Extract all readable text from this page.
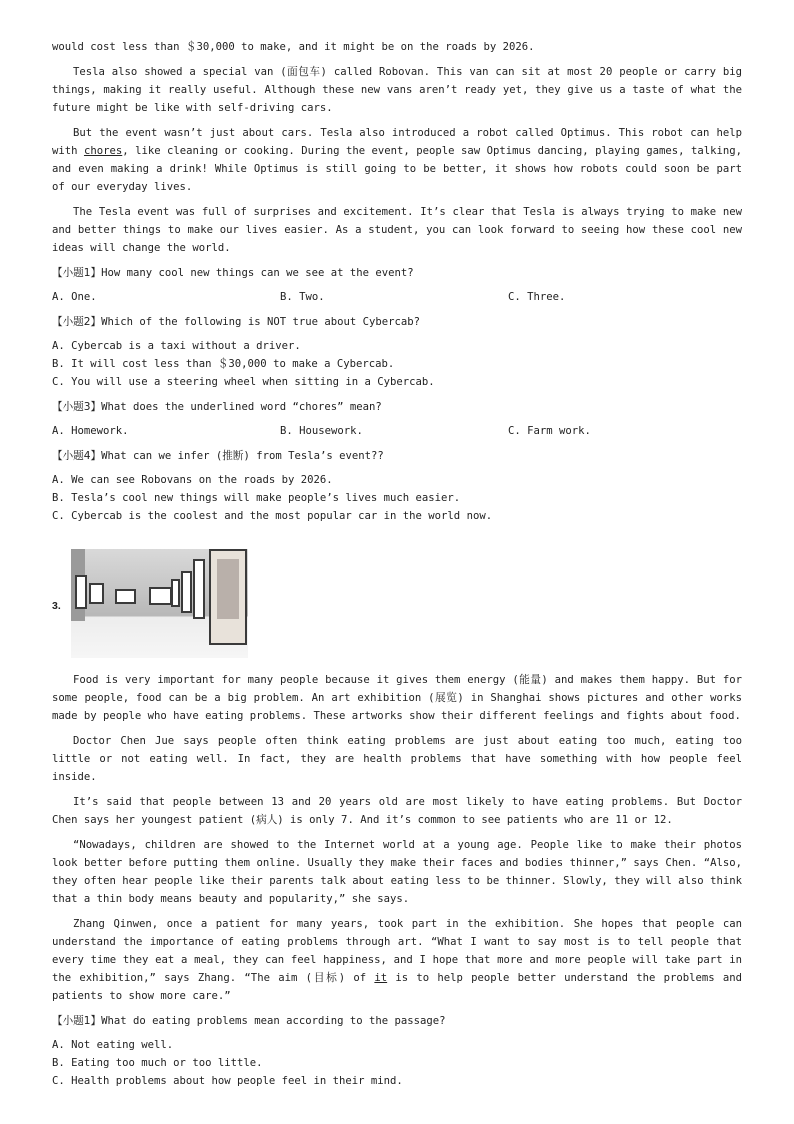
would cost less than ＄30,000 to make, and it might be on the roads by 2026.

Tesla also showed a special van (面包车) called Robovan. This van can sit at most 20 people or carry big things, making it really useful. Although these new vans aren’t ready yet, they give us a taste of what the future might be like with self-driving cars.

But the event wasn’t just about cars. Tesla also introduced a robot called Optimus. This robot can help with chores, like cleaning or cooking. During the event, people saw Optimus dancing, playing games, talking, and even making a drink! While Optimus is still going to be better, it shows how robots could soon be part of our everyday lives.

The Tesla event was full of surprises and excitement. It’s clear that Tesla is always trying to make new and better things to make our lives easier. As a student, you can look forward to seeing how these cool new ideas will change the world.

【小题1】How many cool new things can we see at the event?
A. One.	B. Two.	C. Three.
【小题2】Which of the following is NOT true about Cybercab?
A. Cybercab is a taxi without a driver.
B. It will cost less than ＄30,000 to make a Cybercab.
C. You will use a steering wheel when sitting in a Cybercab.
【小题3】What does the underlined word “chores” mean?
A. Homework.	B. Housework.	C. Farm work.
【小题4】What can we infer (推断) from Tesla’s event??
A. We can see Robovans on the roads by 2026.
B. Tesla’s cool new things will make people’s lives much easier.
C. Cybercab is the coolest and the most popular car in the world now.
3.

Food is very important for many people because it gives them energy (能量) and makes them happy. But for some people, food can be a big problem. An art exhibition (展览) in Shanghai shows pictures and other works made by people who have eating problems. These artworks show their different feelings and fights about food.

Doctor Chen Jue says people often think eating problems are just about eating too much, eating too little or not eating well. In fact, they are health problems that have something with how people feel inside.

It’s said that people between 13 and 20 years old are most likely to have eating problems. But Doctor Chen says her youngest patient (病人) is only 7. And it’s common to see patients who are 11 or 12.

“Nowadays, children are showed to the Internet world at a young age. People like to make their photos look better before putting them online. Usually they make their faces and bodies thinner,” says Chen. “Also, they often hear people like their parents talk about eating less to be thinner. Slowly, they will also think that a thin body means beauty and popularity,” she says.

Zhang Qinwen, once a patient for many years, took part in the exhibition. She hopes that people can understand the importance of eating problems through art. “What I want to say most is to tell people that every time they eat a meal, they can feel happiness, and I hope that more and more people will take part in the exhibition,” says Zhang. “The aim (目标) of it is to help people better understand the problems and patients to show more care.”

【小题1】What do eating problems mean according to the passage?
A. Not eating well.
B. Eating too much or too little.
C. Health problems about how people feel in their mind.
